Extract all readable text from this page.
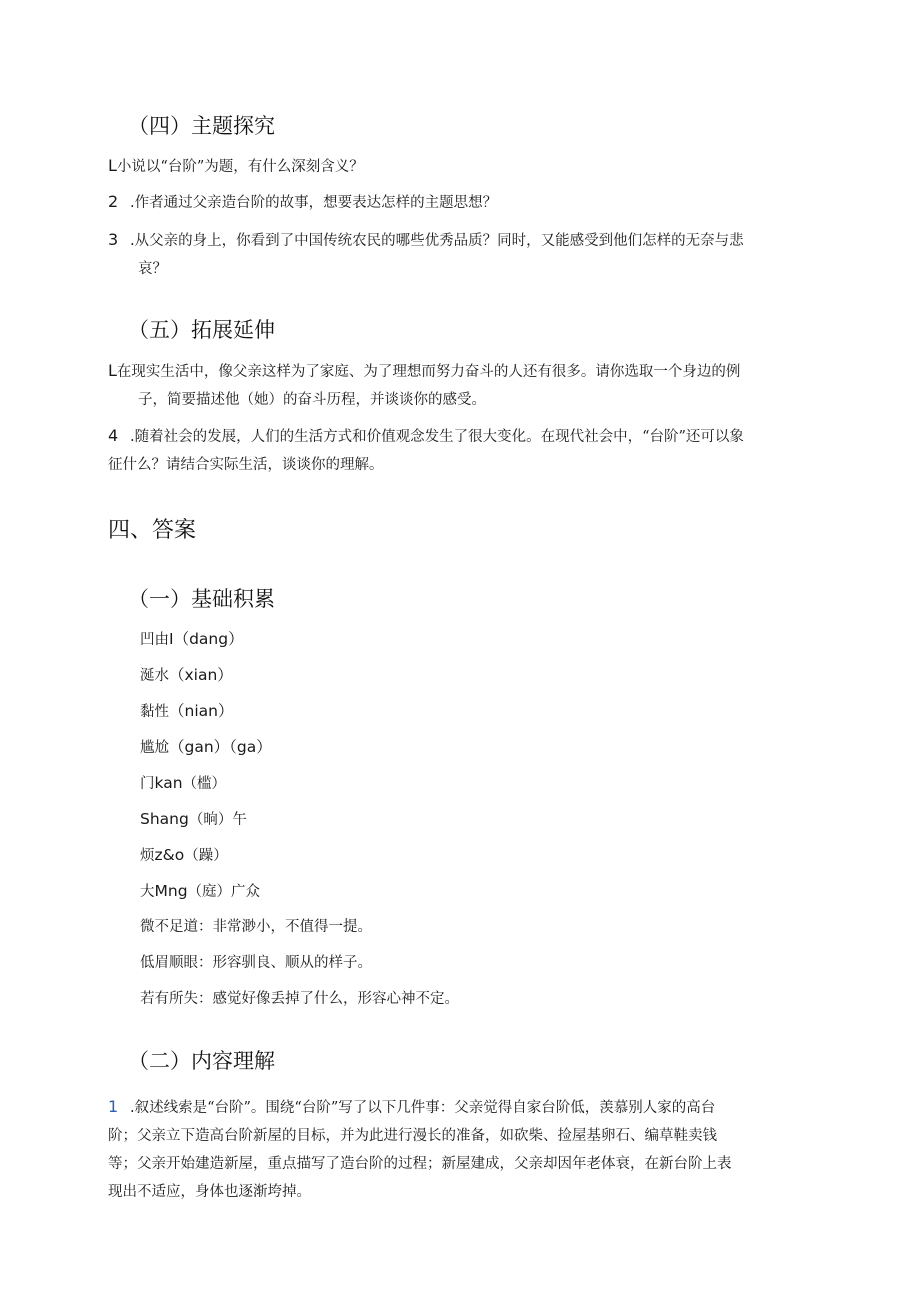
（四）主题探究
L小说以“台阶”为题，有什么深刻含义？
2 .作者通过父亲造台阶的故事，想要表达怎样的主题思想？
3 .从父亲的身上，你看到了中国传统农民的哪些优秀品质？同时，又能感受到他们怎样的无奈与悲
哀？
（五）拓展延伸
L在现实生活中，像父亲这样为了家庭、为了理想而努力奋斗的人还有很多。请你选取一个身边的例
子，简要描述他（她）的奋斗历程，并谈谈你的感受。
4 .随着社会的发展，人们的生活方式和价值观念发生了很大变化。在现代社会中，“台阶”还可以象
征什么？请结合实际生活，谈谈你的理解。
四、答案
（一）基础积累
凹由I（dang）
涎水（xian）
黏性（nian）
尴尬（gan）（ga）
门kan（槛）
Shang（晌）午
烦z&o（躁）
大Mng（庭）广众
微不足道：非常渺小，不值得一提。
低眉顺眼：形容驯良、顺从的样子。
若有所失：感觉好像丢掉了什么，形容心神不定。
（二）内容理解
1 .叙述线索是“台阶”。围绕“台阶”写了以下几件事：父亲觉得自家台阶低，羡慕别人家的高台
阶；父亲立下造高台阶新屋的目标，并为此进行漫长的准备，如砍柴、捡屋基卵石、编草鞋卖钱
等；父亲开始建造新屋，重点描写了造台阶的过程；新屋建成，父亲却因年老体衰，在新台阶上表
现出不适应，身体也逐渐垮掉。
